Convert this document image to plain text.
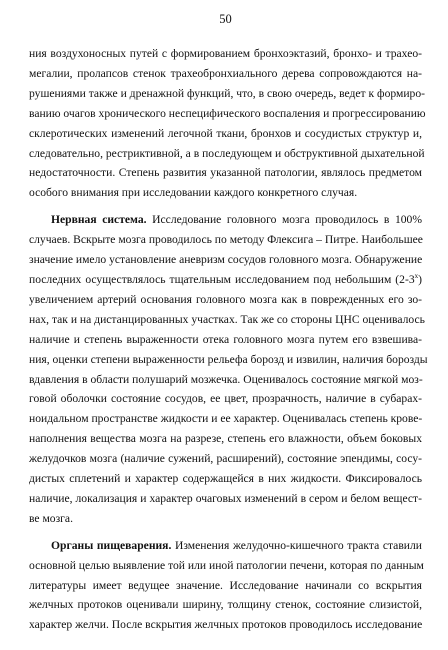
50

ния воздухоносных путей с формированием бронхоэктазий, бронхо- и трахео-
мегалии, пролапсов стенок трахеобронхиального дерева сопровождаются на-
рушениями также и дренажной функций, что, в свою очередь, ведет к формиро-
ванию очагов хронического неспецифического воспаления и прогрессированию
склеротических изменений легочной ткани, бронхов и сосудистых структур и,
следовательно, рестриктивной, а в последующем и обструктивной дыхательной
недостаточности. Степень развития указанной патологии, являлось предметом
особого внимания при исследовании каждого конкретного случая.

Нервная система. Исследование головного мозга проводилось в 100%
случаев. Вскрыте мозга проводилось по методу Флексига – Питре. Наибольшее
значение имело установление аневризм сосудов головного мозга. Обнаружение
последних осуществлялось тщательным исследованием под небольшим (2-3$^x$)
увеличением артерий основания головного мозга как в поврежденных его зо-
нах, так и на дистанцированных участках. Так же со стороны ЦНС оценивалось
наличие и степень выраженности отека головного мозга путем его взвешива-
ния, оценки степени выраженности рельефа борозд и извилин, наличия борозды
вдавления в области полушарий мозжечка. Оценивалось состояние мягкой моз-
говой оболочки состояние сосудов, ее цвет, прозрачность, наличие в субарах-
ноидальном пространстве жидкости и ее характер. Оценивалась степень крове-
наполнения вещества мозга на разрезе, степень его влажности, объем боковых
желудочков мозга (наличие сужений, расширений), состояние эпендимы, сосу-
дистых сплетений и характер содержащейся в них жидкости. Фиксировалось
наличие, локализация и характер очаговых изменений в сером и белом вещест-
ве мозга.

Органы пищеварения. Изменения желудочно-кишечного тракта ставили
основной целью выявление той или иной патологии печени, которая по данным
литературы имеет ведущее значение. Исследование начинали со вскрытия
желчных протоков оценивали ширину, толщину стенок, состояние слизистой,
характер желчи. После вскрытия желчных протоков проводилось исследование
